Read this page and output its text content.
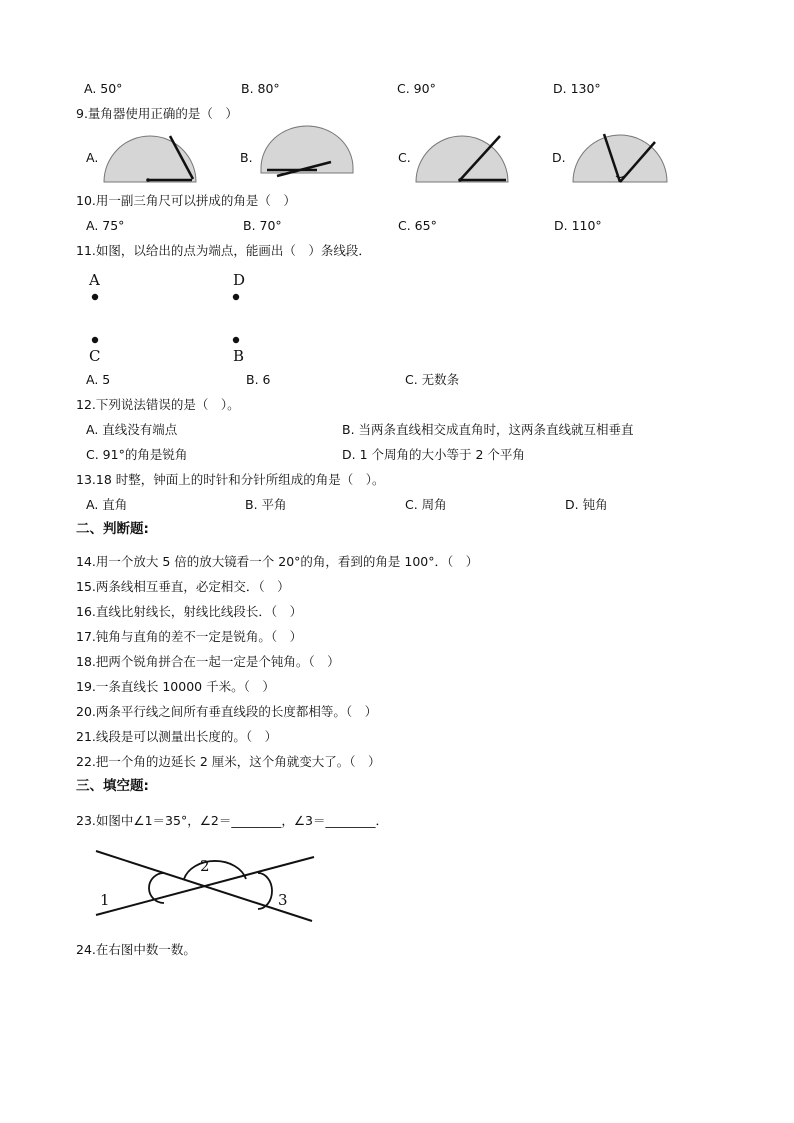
A. 50°	B. 80°	C. 90°	D. 130°
9.量角器使用正确的是（　）
A.	B.	C.	D.
10.用一副三角尺可以拼成的角是（　）
A. 75°	B. 70°	C. 65°	D. 110°
11.如图，以给出的点为端点，能画出（　）条线段．
A	D
C	B
A. 5	B. 6	C. 无数条
12.下列说法错误的是（　）。
A. 直线没有端点	B. 当两条直线相交成直角时，这两条直线就互相垂直
C. 91°的角是锐角	D. 1 个周角的大小等于 2 个平角
13.18 时整，钟面上的时针和分针所组成的角是（　）。
A. 直角	B. 平角	C. 周角	D. 钝角
二、判断题:
14.用一个放大 5 倍的放大镜看一个 20°的角，看到的角是 100°．（　）
15.两条线相互垂直，必定相交．（　）
16.直线比射线长，射线比线段长．（　）
17.钝角与直角的差不一定是锐角。（　）
18.把两个锐角拼合在一起一定是个钝角。（　）
19.一条直线长 10000 千米。（　）
20.两条平行线之间所有垂直线段的长度都相等。（　）
21.线段是可以测量出长度的。（　）
22.把一个角的边延长 2 厘米，这个角就变大了。（　）
三、填空题:
23.如图中∠1＝35°，∠2＝________，∠3＝________．
1
2
3
24.在右图中数一数。
